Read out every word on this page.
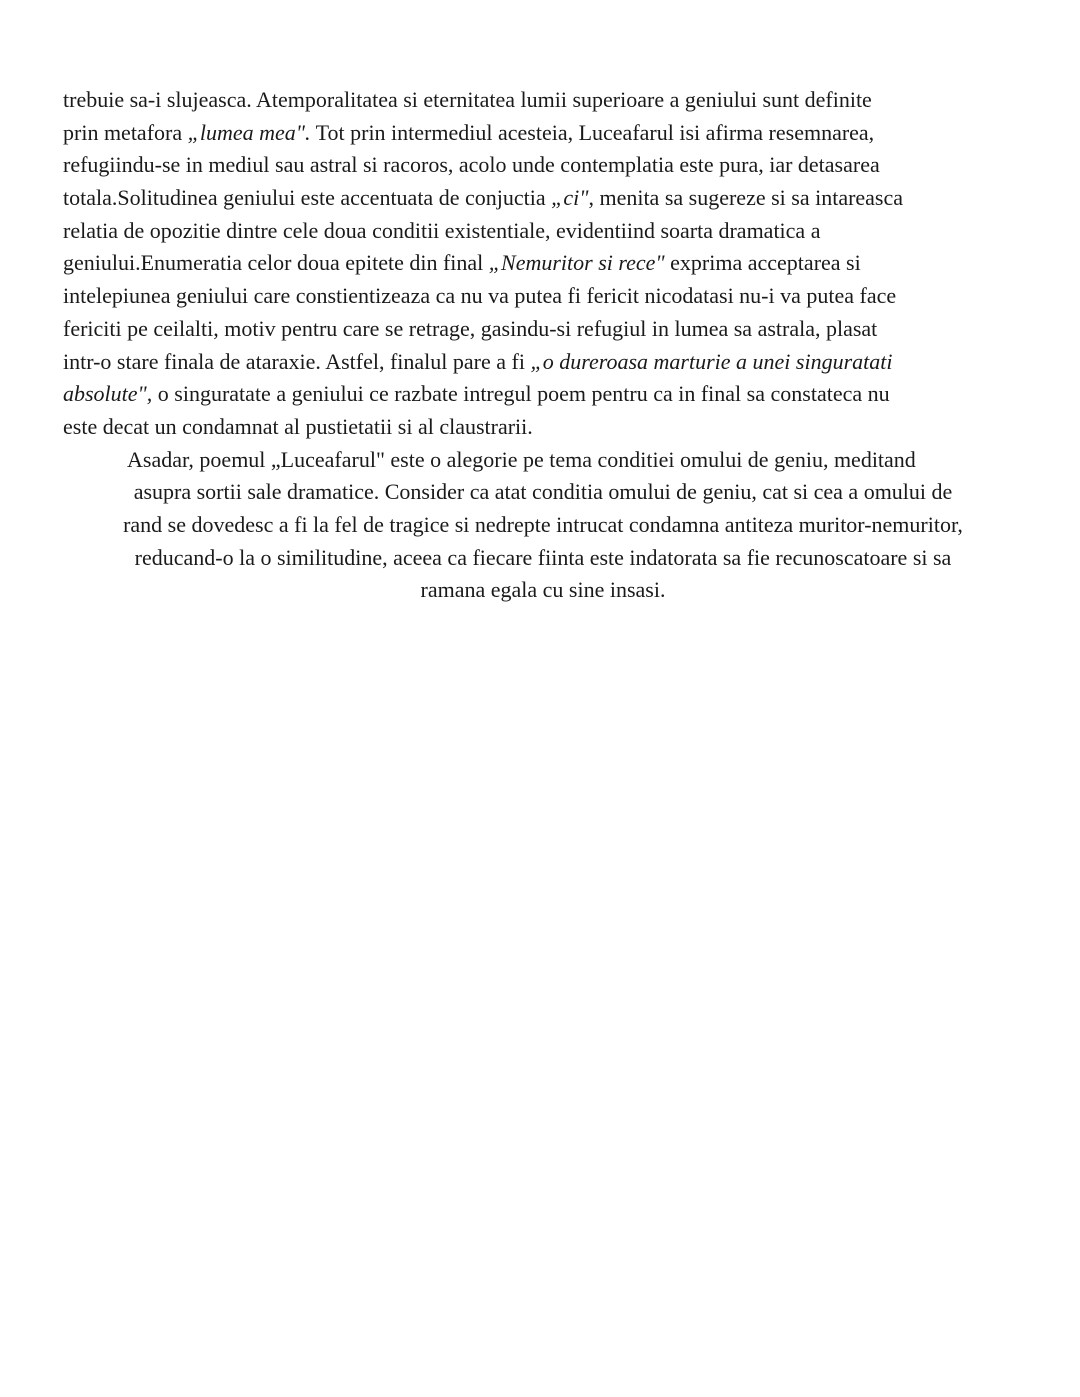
trebuie sa-i slujeasca. Atemporalitatea si eternitatea lumii superioare a geniului sunt definite
prin metafora „lumea mea". Tot prin intermediul acesteia, Luceafarul isi afirma resemnarea,
refugiindu-se in mediul sau astral si racoros, acolo unde contemplatia este pura, iar detasarea
totala.Solitudinea geniului este accentuata de conjuctia „ci", menita sa sugereze si sa intareasca
relatia de opozitie dintre cele doua conditii existentiale, evidentiind soarta dramatica a
geniului.Enumeratia celor doua epitete din final „Nemuritor si rece" exprima acceptarea si
intelepiunea geniului care constientizeaza ca nu va putea fi fericit nicodatasi nu-i va putea face
fericiti pe ceilalti, motiv pentru care se retrage, gasindu-si refugiul in lumea sa astrala, plasat
intr-o stare finala de ataraxie. Astfel, finalul pare a fi „o dureroasa marturie a unei singuratati
absolute", o singuratate a geniului ce razbate intregul poem pentru ca in final sa constateca nu
este decat un condamnat al pustietatii si al claustrarii.
Asadar, poemul „Luceafarul" este o alegorie pe tema conditiei omului de geniu, meditand
asupra sortii sale dramatice. Consider ca atat conditia omului de geniu, cat si cea a omului de
rand se dovedesc a fi la fel de tragice si nedrepte intrucat condamna antiteza muritor-nemuritor,
reducand-o la o similitudine, aceea ca fiecare fiinta este indatorata sa fie recunoscatoare si sa
ramana egala cu sine insasi.
